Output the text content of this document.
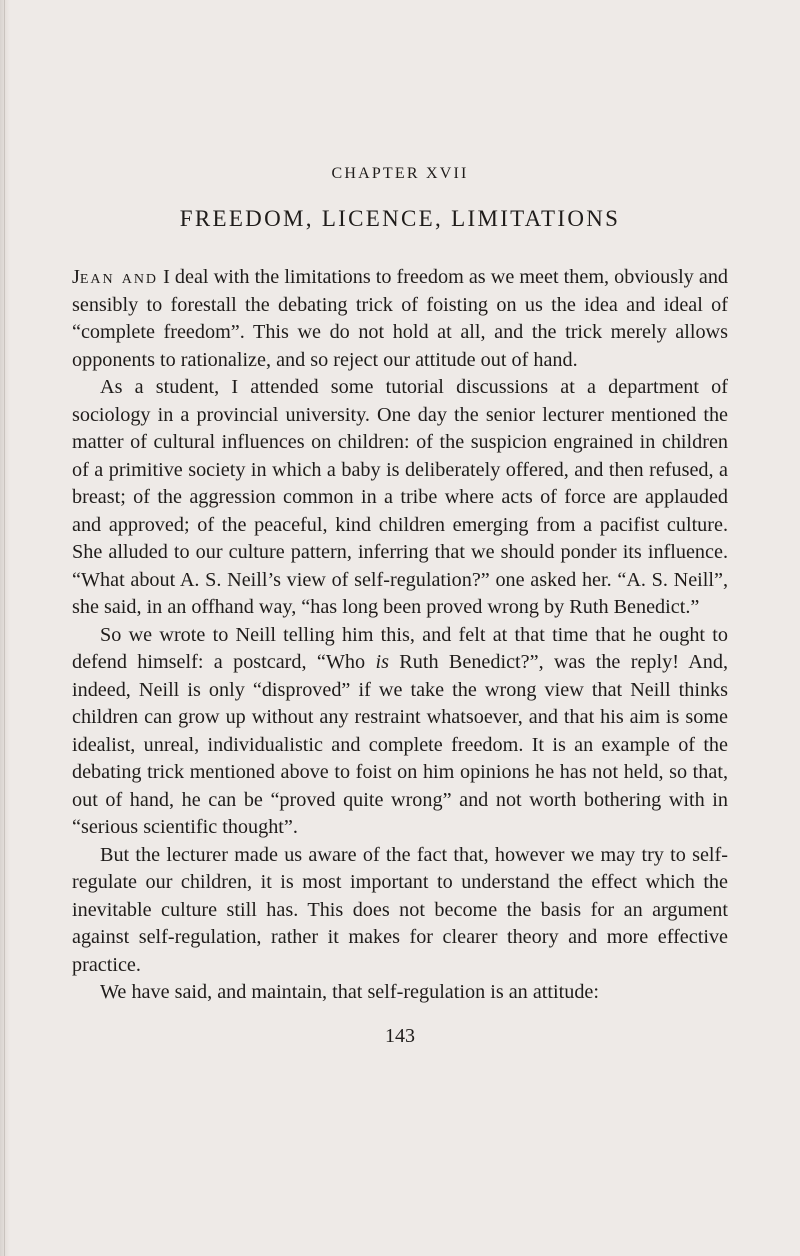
CHAPTER XVII
FREEDOM, LICENCE, LIMITATIONS

Jean and I deal with the limitations to freedom as we meet them, obviously and sensibly to forestall the debating trick of foisting on us the idea and ideal of “complete freedom”. This we do not hold at all, and the trick merely allows opponents to rationalize, and so reject our attitude out of hand.

As a student, I attended some tutorial discussions at a department of sociology in a provincial university. One day the senior lecturer mentioned the matter of cultural influences on children: of the suspicion engrained in children of a primitive society in which a baby is deliberately offered, and then refused, a breast; of the aggression common in a tribe where acts of force are applauded and approved; of the peaceful, kind children emerging from a pacifist culture. She alluded to our culture pattern, inferring that we should ponder its influence. “What about A. S. Neill’s view of self-regulation?” one asked her. “A. S. Neill”, she said, in an offhand way, “has long been proved wrong by Ruth Benedict.”

So we wrote to Neill telling him this, and felt at that time that he ought to defend himself: a postcard, “Who is Ruth Benedict?”, was the reply! And, indeed, Neill is only “disproved” if we take the wrong view that Neill thinks children can grow up without any restraint whatsoever, and that his aim is some idealist, unreal, individualistic and complete freedom. It is an example of the debating trick mentioned above to foist on him opinions he has not held, so that, out of hand, he can be “proved quite wrong” and not worth bothering with in “serious scientific thought”.

But the lecturer made us aware of the fact that, however we may try to self-regulate our children, it is most important to understand the effect which the inevitable culture still has. This does not become the basis for an argument against self-regulation, rather it makes for clearer theory and more effective practice.

We have said, and maintain, that self-regulation is an attitude:

143
